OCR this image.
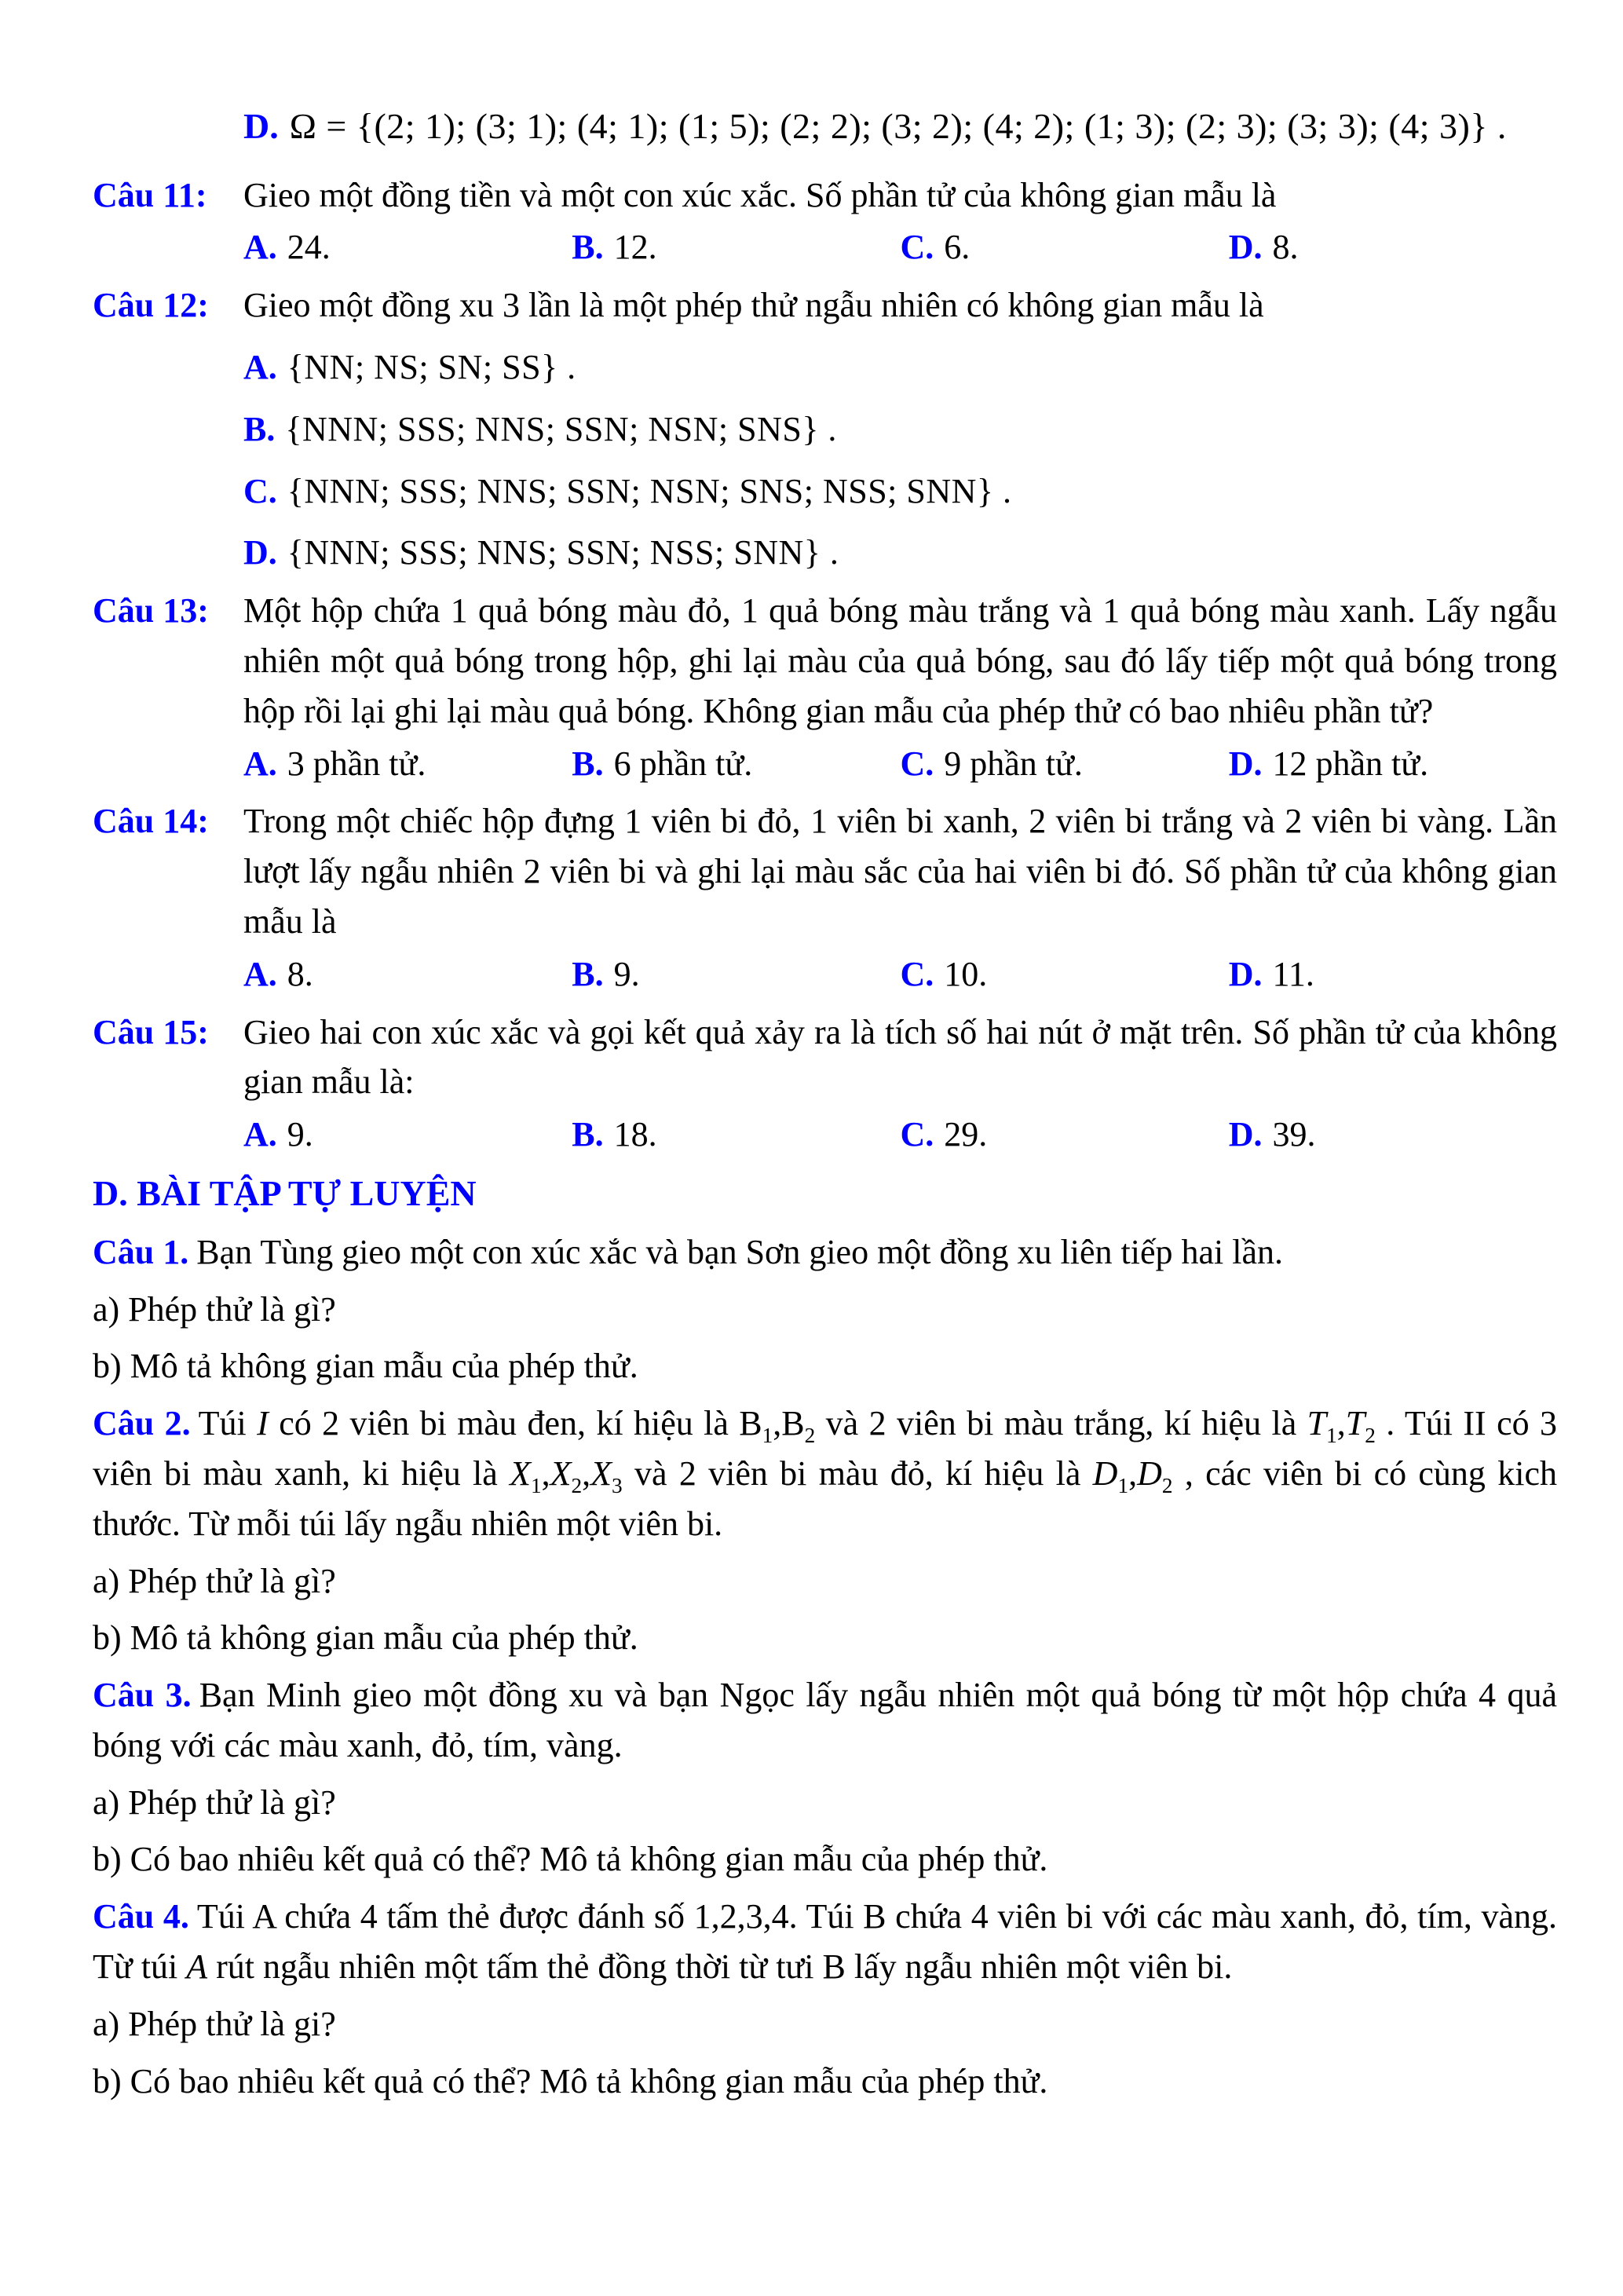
D. Ω = {(2; 1); (3; 1); (4; 1); (1; 5); (2; 2); (3; 2); (4; 2); (1; 3); (2; 3); (3; 3); (4; 3)} .
Câu 11:	Gieo một đồng tiền và một con xúc xắc. Số phần tử của không gian mẫu là
A. 24.	B. 12.	C. 6.	D. 8.
Câu 12:	Gieo một đồng xu 3 lần là một phép thử ngẫu nhiên có không gian mẫu là
A. {NN; NS; SN; SS} .
B. {NNN; SSS; NNS; SSN; NSN; SNS} .
C. {NNN; SSS; NNS; SSN; NSN; SNS; NSS; SNN} .
D. {NNN; SSS; NNS; SSN; NSS; SNN} .
Câu 13:	Một hộp chứa 1 quả bóng màu đỏ, 1 quả bóng màu trắng và 1 quả bóng màu xanh. Lấy ngẫu nhiên một quả bóng trong hộp, ghi lại màu của quả bóng, sau đó lấy tiếp một quả bóng trong hộp rồi lại ghi lại màu quả bóng. Không gian mẫu của phép thử có bao nhiêu phần tử?
A. 3 phần tử.	B. 6 phần tử.	C. 9 phần tử.	D. 12 phần tử.
Câu 14:	Trong một chiếc hộp đựng 1 viên bi đỏ, 1 viên bi xanh, 2 viên bi trắng và 2 viên bi vàng. Lần lượt lấy ngẫu nhiên 2 viên bi và ghi lại màu sắc của hai viên bi đó. Số phần tử của không gian mẫu là
A. 8.	B. 9.	C. 10.	D. 11.
Câu 15:	Gieo hai con xúc xắc và gọi kết quả xảy ra là tích số hai nút ở mặt trên. Số phần tử của không gian mẫu là:
A. 9.	B. 18.	C. 29.	D. 39.
D. BÀI TẬP TỰ LUYỆN

Câu 1. Bạn Tùng gieo một con xúc xắc và bạn Sơn gieo một đồng xu liên tiếp hai lần.

a) Phép thử là gì?

b) Mô tả không gian mẫu của phép thử.

Câu 2. Túi I có 2 viên bi màu đen, kí hiệu là $B_1,B_2$ và 2 viên bi màu trắng, kí hiệu là $T_1,T_2$ . Túi II có 3 viên bi màu xanh, ki hiệu là $X_1,X_2,X_3$ và 2 viên bi màu đỏ, kí hiệu là $D_1,D_2$ , các viên bi có cùng kich thước. Từ mỗi túi lấy ngẫu nhiên một viên bi.

a) Phép thử là gì?

b) Mô tả không gian mẫu của phép thử.

Câu 3. Bạn Minh gieo một đồng xu và bạn Ngọc lấy ngẫu nhiên một quả bóng từ một hộp chứa 4 quả bóng với các màu xanh, đỏ, tím, vàng.

a) Phép thử là gì?

b) Có bao nhiêu kết quả có thể? Mô tả không gian mẫu của phép thử.

Câu 4. Túi A chứa 4 tấm thẻ được đánh số 1,2,3,4. Túi B chứa 4 viên bi với các màu xanh, đỏ, tím, vàng. Từ túi A rút ngẫu nhiên một tấm thẻ đồng thời từ tưi B lấy ngẫu nhiên một viên bi.

a) Phép thử là gi?

b) Có bao nhiêu kết quả có thể? Mô tả không gian mẫu của phép thử.
